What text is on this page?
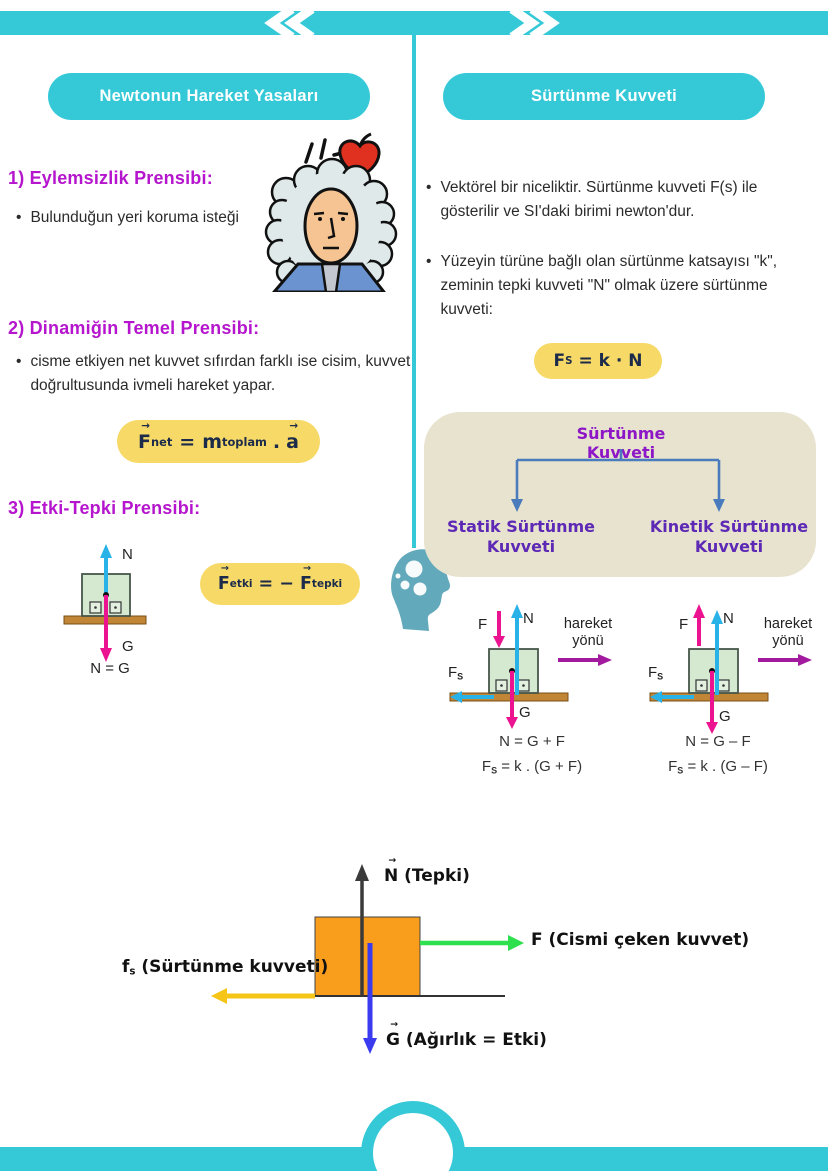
Newtonun Hareket Yasaları	Sürtünme Kuvveti
1) Eylemsizlik Prensibi:
• Bulunduğun yeri koruma isteği
2) Dinamiğin Temel Prensibi:
• cisme etkiyen net kuvvet sıfırdan farklı ise cisim, kuvvet doğrultusunda ivmeli hareket yapar.
→
F net = m toplam .
→
a
3) Etki-Tepki Prensibi:
N
G
N = G
→
F etki = −
→
F tepki
• Vektörel bir niceliktir. Sürtünme kuvveti F(s) ile gösterilir ve SI'daki birimi newton'dur.
• Yüzeyin türüne bağlı olan sürtünme katsayısı "k", zeminin tepki kuvveti "N" olmak üzere sürtünme kuvveti:
F S = k · N
Sürtünme Kuvveti
Statik Sürtünme Kuvveti
Kinetik Sürtünme Kuvveti
F N
$F_S$
G
hareket yönü
N = G + F
$F_S = k$ . (G + F)
F N
$F_S$
G
hareket yönü
N = G – F
$F_S = k$ . (G – F)
→
N (Tepki)
F (Cismi çeken kuvvet)
$f_s$ (Sürtünme kuvveti)
→
G (Ağırlık = Etki)
